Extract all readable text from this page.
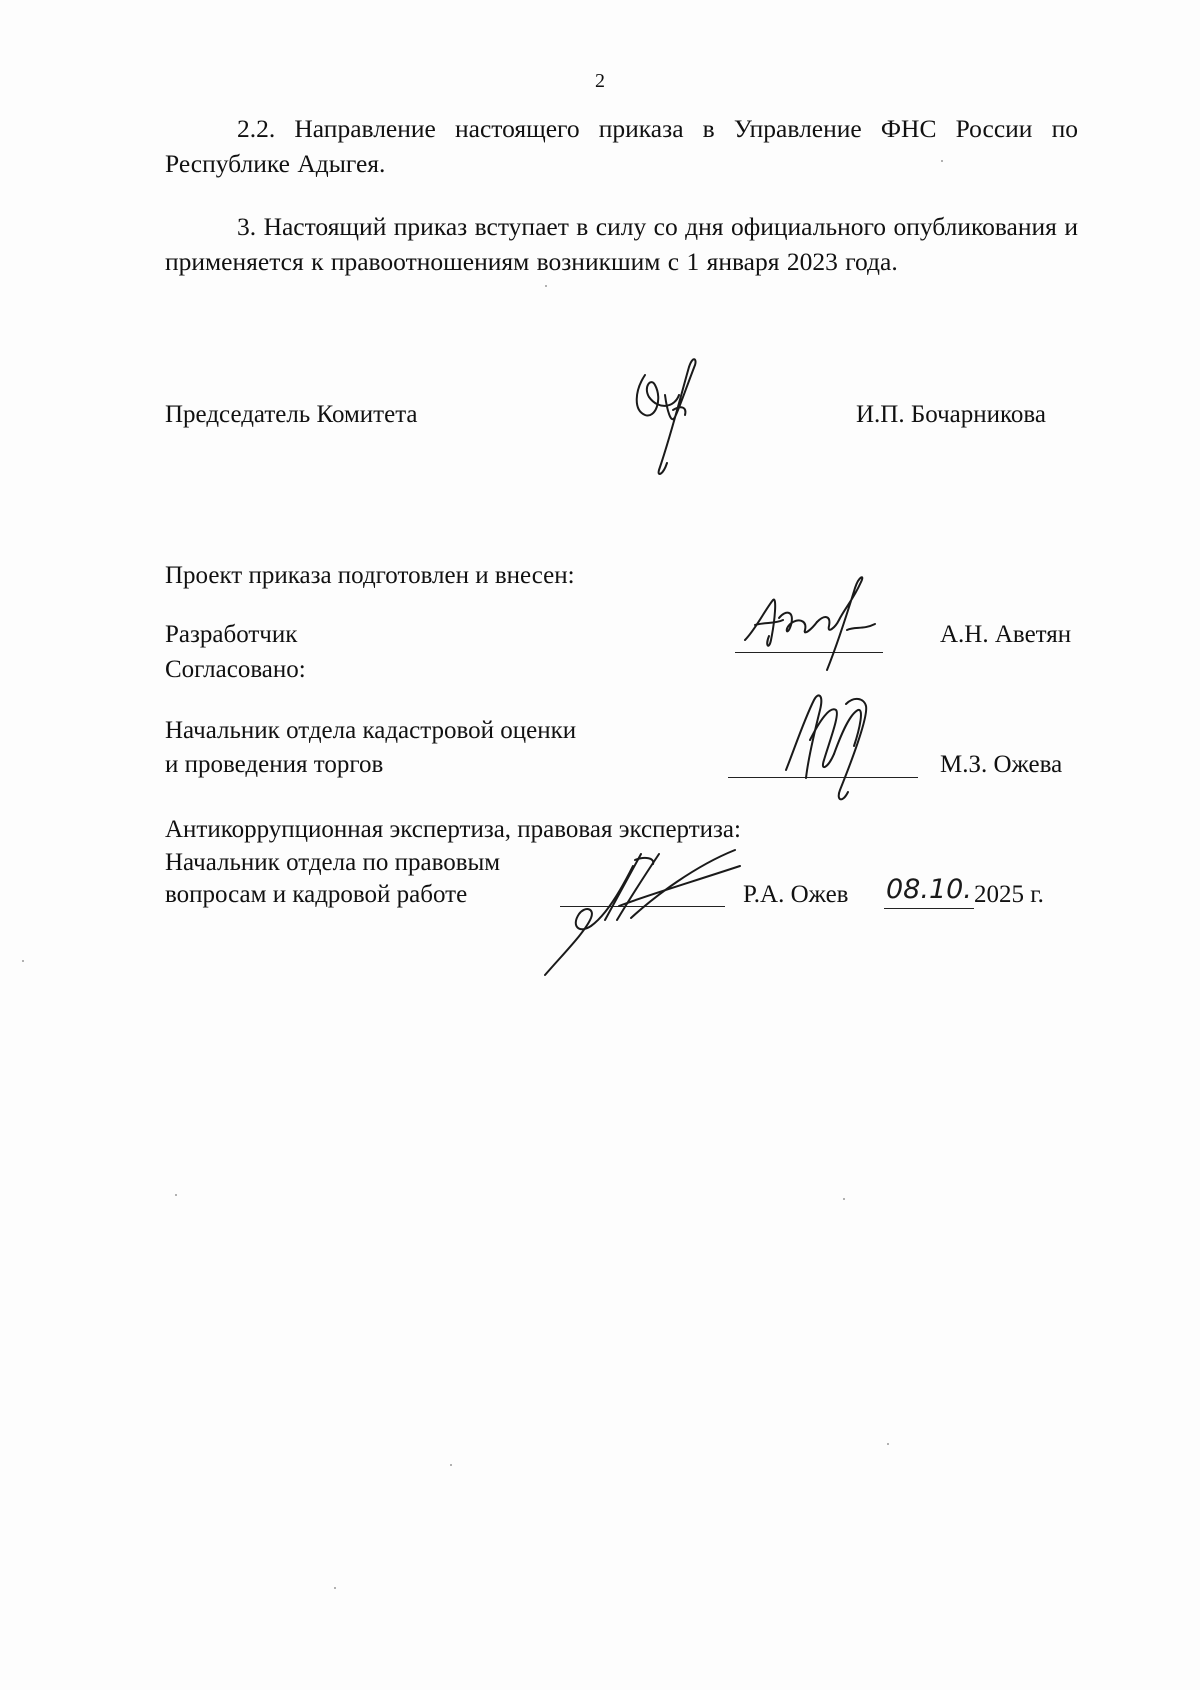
2
2.2. Направление настоящего приказа в Управление ФНС России по Республике Адыгея.
3. Настоящий приказ вступает в силу со дня официального опубликования и применяется к правоотношениям возникшим с 1 января 2023 года.
Председатель Комитета	И.П. Бочарникова
Проект приказа подготовлен и внесен:
Разработчик	А.Н. Аветян
Согласовано:
Начальник отдела кадастровой оценки
и проведения торгов	М.З. Ожева
Антикоррупционная экспертиза, правовая экспертиза:
Начальник отдела по правовым
вопросам и кадровой работе	Р.А. Ожев 08.10. 2025 г.
